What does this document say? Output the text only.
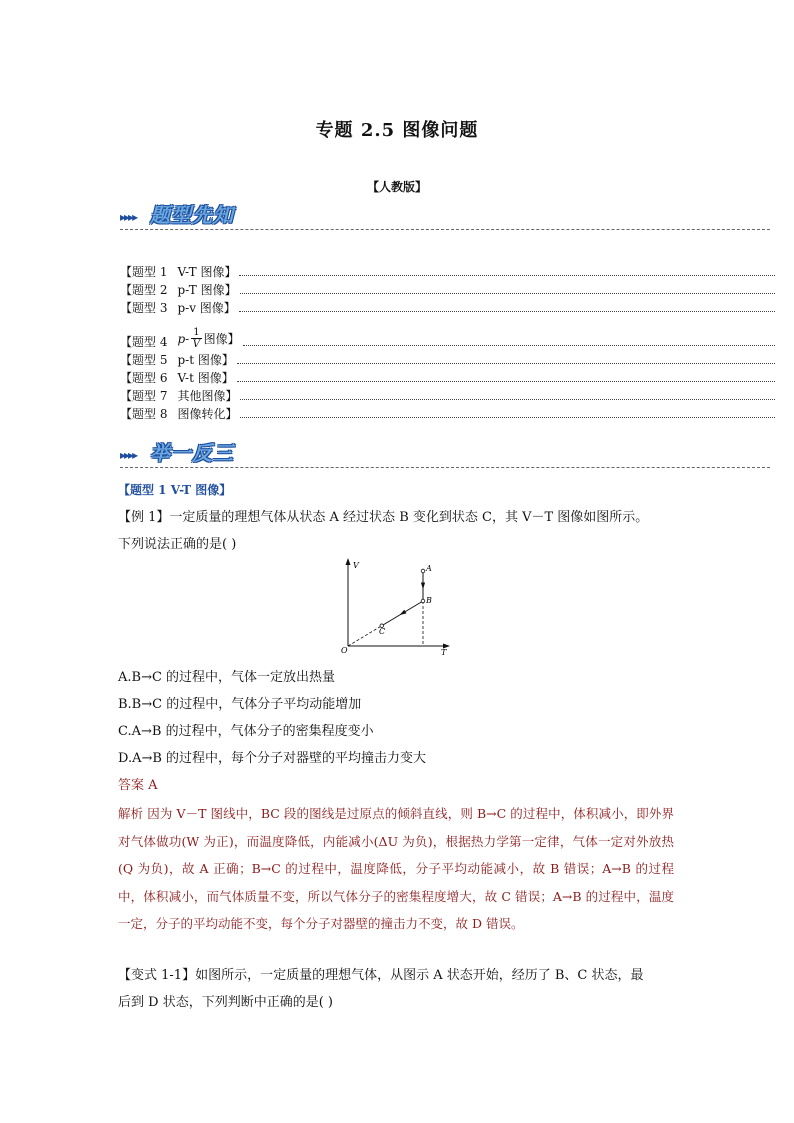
专题 2.5 图像问题
【人教版】
▸▸▸▸ 题型先知
【题型 1 V-T 图像】
【题型 2 p-T 图像】
【题型 3 p-v 图像】
【题型 4 $p- \frac{1}{V}$ 图像】
【题型 5 p-t 图像】
【题型 6 V-t 图像】
【题型 7 其他图像】
【题型 8 图像转化】
▸▸▸▸ 举一反三
【题型 1 V-T 图像】
【例 1】一定质量的理想气体从状态 A 经过状态 B 变化到状态 C，其 V－T 图像如图所示。
下列说法正确的是( )
V
T
O
A
B
C
A.B→C 的过程中，气体一定放出热量
B.B→C 的过程中，气体分子平均动能增加
C.A→B 的过程中，气体分子的密集程度变小
D.A→B 的过程中，每个分子对器壁的平均撞击力变大
答案 A
解析 因为 V－T 图线中，BC 段的图线是过原点的倾斜直线，则 B→C 的过程中，体积减小，即外界对气体做功(W 为正)，而温度降低，内能减小(ΔU 为负)，根据热力学第一定律，气体一定对外放热(Q 为负)，故 A 正确；B→C 的过程中，温度降低，分子平均动能减小，故 B 错误；A→B 的过程中，体积减小，而气体质量不变，所以气体分子的密集程度增大，故 C 错误；A→B 的过程中，温度一定，分子的平均动能不变，每个分子对器壁的撞击力不变，故 D 错误。
【变式 1-1】如图所示，一定质量的理想气体，从图示 A 状态开始，经历了 B、C 状态，最
后到 D 状态，下列判断中正确的是( )
